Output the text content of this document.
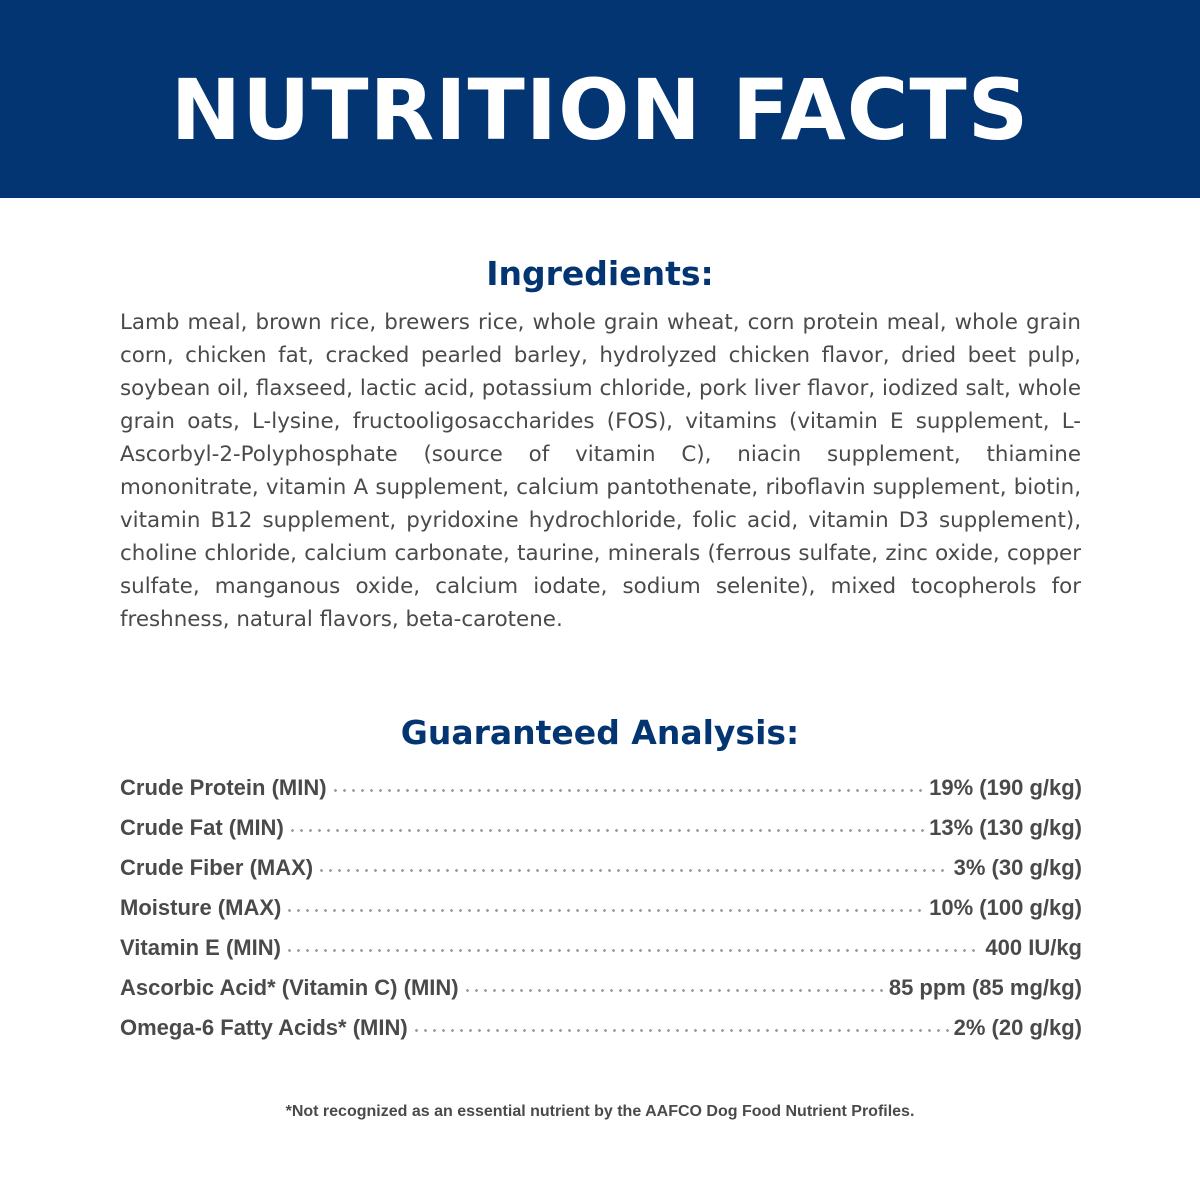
NUTRITION FACTS
Ingredients:

Lamb meal, brown rice, brewers rice, whole grain wheat, corn protein meal, whole grain corn, chicken fat, cracked pearled barley, hydrolyzed chicken flavor, dried beet pulp, soybean oil, flaxseed, lactic acid, potassium chloride, pork liver flavor, iodized salt, whole grain oats, L-lysine, fructooligosaccharides (FOS), vitamins (vitamin E supplement, L-Ascorbyl-2-Polyphosphate (source of vitamin C), niacin supplement, thiamine mononitrate, vitamin A supplement, calcium pantothenate, riboflavin supplement, biotin, vitamin B12 supplement, pyridoxine hydrochloride, folic acid, vitamin D3 supplement), choline chloride, calcium carbonate, taurine, minerals (ferrous sulfate, zinc oxide, copper sulfate, manganous oxide, calcium iodate, sodium selenite), mixed tocopherols for freshness, natural flavors, beta-carotene.

Guaranteed Analysis:
Crude Protein (MIN)	19% (190 g/kg)
Crude Fat (MIN)	13% (130 g/kg)
Crude Fiber (MAX)	3% (30 g/kg)
Moisture (MAX)	10% (100 g/kg)
Vitamin E (MIN)	400 IU/kg
Ascorbic Acid* (Vitamin C) (MIN)	85 ppm (85 mg/kg)
Omega-6 Fatty Acids* (MIN)	2% (20 g/kg)
*Not recognized as an essential nutrient by the AAFCO Dog Food Nutrient Profiles.
